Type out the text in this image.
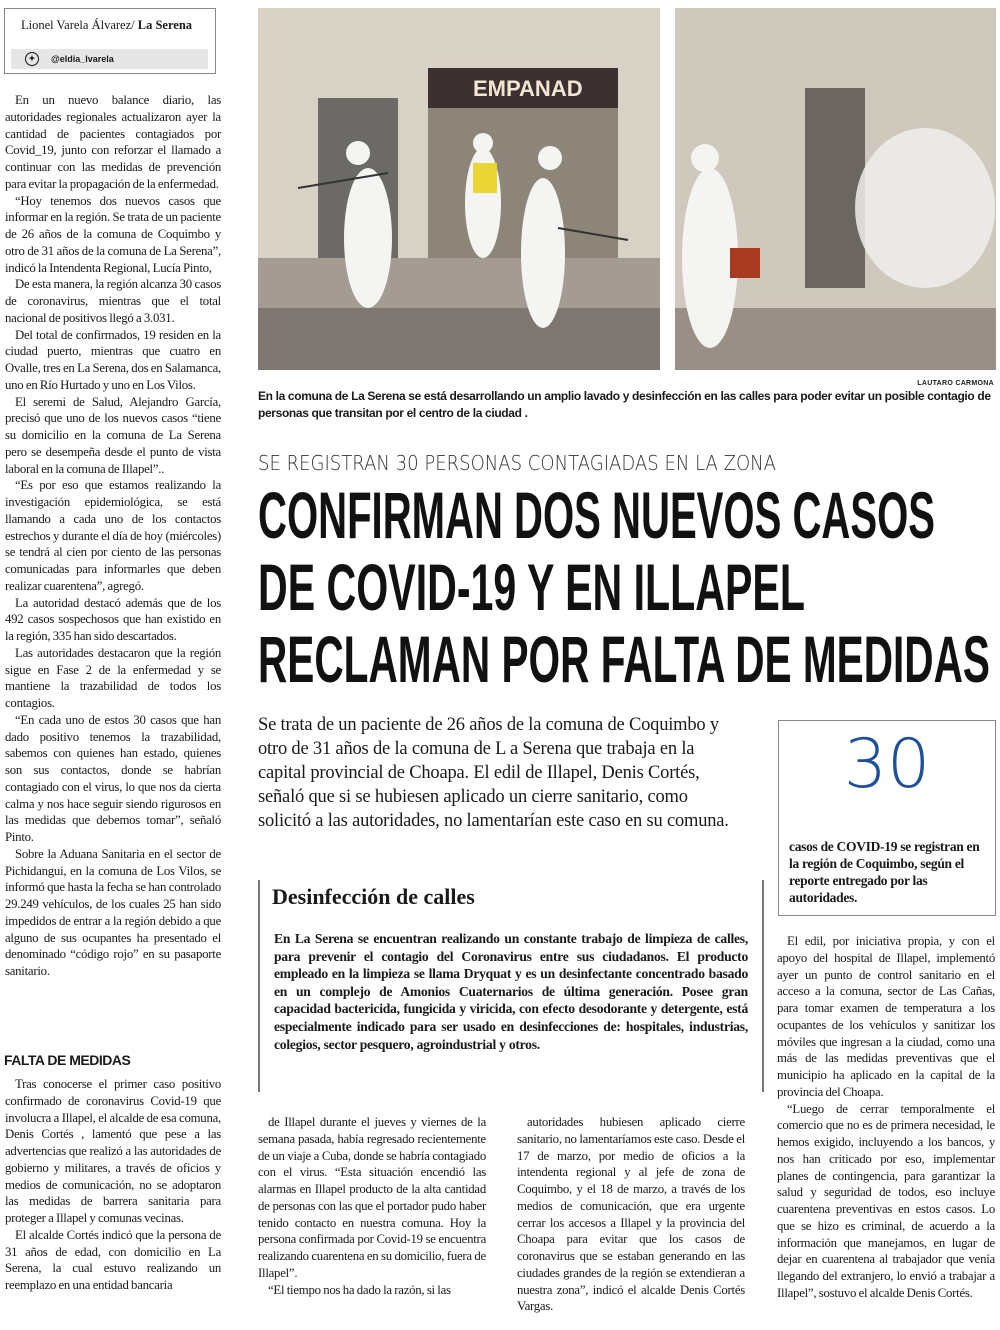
Lionel Varela Álvarez/ La Serena
✦	@eldia_lvarela

En un nuevo balance diario, las autoridades regionales actualizaron ayer la cantidad de pacientes contagiados por Covid_19, junto con reforzar el llamado a continuar con las medidas de prevención para evitar la propagación de la enfermedad.

“Hoy tenemos dos nuevos casos que informar en la región. Se trata de un paciente de 26 años de la comuna de Coquimbo y otro de 31 años de la comuna de La Serena”, indicó la Intendenta Regional, Lucía Pinto,

De esta manera, la región alcanza 30 casos de coronavirus, mientras que el total nacional de positivos llegó a 3.031.

Del total de confirmados, 19 residen en la ciudad puerto, mientras que cuatro en Ovalle, tres en La Serena, dos en Salamanca, uno en Río Hurtado y uno en Los Vilos.

El seremi de Salud, Alejandro García, precisó que uno de los nuevos casos “tiene su domicilio en la comuna de La Serena pero se desempeña desde el punto de vista laboral en la comuna de Illapel”..

“Es por eso que estamos realizando la investigación epidemiológica, se está llamando a cada uno de los contactos estrechos y durante el día de hoy (miércoles) se tendrá al cien por ciento de las personas comunicadas para informarles que deben realizar cuarentena”, agregó.

La autoridad destacó además que de los 492 casos sospechosos que han existido en la región, 335 han sido descartados.

Las autoridades destacaron que la región sigue en Fase 2 de la enfermedad y se mantiene la trazabilidad de todos los contagios.

“En cada uno de estos 30 casos que han dado positivo tenemos la trazabilidad, sabemos con quienes han estado, quienes son sus contactos, donde se habrían contagiado con el virus, lo que nos da cierta calma y nos hace seguir siendo rigurosos en las medidas que debemos tomar”, señaló Pinto.

Sobre la Aduana Sanitaria en el sector de Pichidangui, en la comuna de Los Vilos, se informó que hasta la fecha se han controlado 29.249 vehículos, de los cuales 25 han sido impedidos de entrar a la región debido a que alguno de sus ocupantes ha presentado el denominado “código rojo” en su pasaporte sanitario.

FALTA DE MEDIDAS

Tras conocerse el primer caso positivo confirmado de coronavirus Covid-19 que involucra a Illapel, el alcalde de esa comuna, Denis Cortés , lamentó que pese a las advertencias que realizó a las autoridades de gobierno y militares, a través de oficios y medios de comunicación, no se adoptaron las medidas de barrera sanitaria para proteger a Illapel y comunas vecinas.

El alcalde Cortés indicó que la persona de 31 años de edad, con domicilio en La Serena, la cual estuvo realizando un reemplazo en una entidad bancaria

EMPANAD
LAUTARO CARMONA
En la comuna de La Serena se está desarrollando un amplio lavado y desinfección en las calles para poder evitar un posible contagio de personas que transitan por el centro de la ciudad .
SE REGISTRAN 30 PERSONAS CONTAGIADAS EN LA ZONA
CONFIRMAN DOS NUEVOS CASOS
DE COVID-19 Y EN ILLAPEL
RECLAMAN POR FALTA DE MEDIDAS
Se trata de un paciente de 26 años de la comuna de Coquimbo y otro de 31 años de la comuna de L a Serena que trabaja en la capital provincial de Choapa. El edil de Illapel, Denis Cortés, señaló que si se hubiesen aplicado un cierre sanitario, como solicitó a las autoridades, no lamentarían este caso en su comuna.
30
casos de COVID-19 se registran en la región de Coquimbo, según el reporte entregado por las autoridades.
Desinfección de calles
En La Serena se encuentran realizando un constante trabajo de limpieza de calles, para prevenir el contagio del Coronavirus entre sus ciudadanos. El producto empleado en la limpieza se llama Dryquat y es un desinfectante concentrado basado en un complejo de Amonios Cuaternarios de última generación. Posee gran capacidad bactericida, fungicida y viricida, con efecto desodorante y detergente, está especialmente indicado para ser usado en desinfecciones de: hospitales, industrias, colegios, sector pesquero, agroindustrial y otros.

de Illapel durante el jueves y viernes de la semana pasada, había regresado recientemente de un viaje a Cuba, donde se habría contagiado con el virus. “Esta situación encendió las alarmas en Illapel producto de la alta cantidad de personas con las que el portador pudo haber tenido contacto en nuestra comuna. Hoy la persona confirmada por Covid-19 se encuentra realizando cuarentena en su domicilio, fuera de Illapel”.

“El tiempo nos ha dado la razón, si las

autoridades hubiesen aplicado cierre sanitario, no lamentaríamos este caso. Desde el 17 de marzo, por medio de oficios a la intendenta regional y al jefe de zona de Coquimbo, y el 18 de marzo, a través de los medios de comunicación, que era urgente cerrar los accesos a Illapel y la provincia del Choapa para evitar que los casos de coronavirus que se estaban generando en las ciudades grandes de la región se extendieran a nuestra zona”, indicó el alcalde Denis Cortés Vargas.

El edil, por iniciativa propia, y con el apoyo del hospital de Illapel, implementó ayer un punto de control sanitario en el acceso a la comuna, sector de Las Cañas, para tomar examen de temperatura a los ocupantes de los vehículos y sanitizar los móviles que ingresan a la ciudad, como una más de las medidas preventivas que el municipio ha aplicado en la capital de la provincia del Choapa.

“Luego de cerrar temporalmente el comercio que no es de primera necesidad, le hemos exigido, incluyendo a los bancos, y nos han criticado por eso, implementar planes de contingencia, para garantizar la salud y seguridad de todos, eso incluye cuarentena preventivas en estos casos. Lo que se hizo es criminal, de acuerdo a la información que manejamos, en lugar de dejar en cuarentena al trabajador que venía llegando del extranjero, lo envió a trabajar a Illapel”, sostuvo el alcalde Denis Cortés.
